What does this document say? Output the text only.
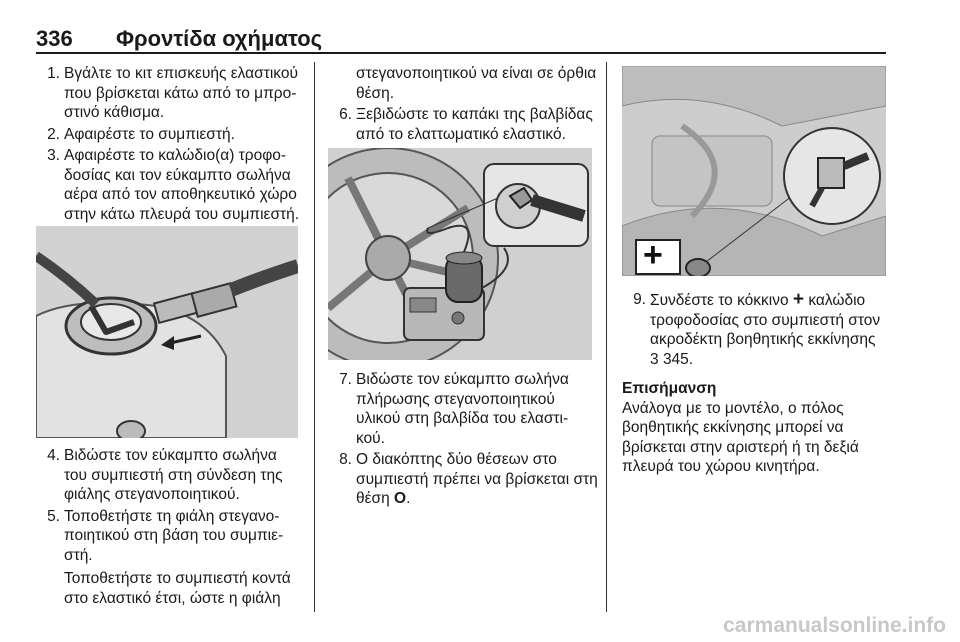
336 Φροντίδα οχήματος
1. Βγάλτε το κιτ επισκευής ελαστικού που βρίσκεται κάτω από το μπρο- στινό κάθισμα.
2. Αφαιρέστε το συμπιεστή.
3. Αφαιρέστε το καλώδιο(α) τροφο- δοσίας και τον εύκαμπτο σωλήνα αέρα από τον αποθηκευτικό χώρο στην κάτω πλευρά του συμπιεστή.
4. Βιδώστε τον εύκαμπτο σωλήνα του συμπιεστή στη σύνδεση της φιάλης στεγανοποιητικού.
5. Τοποθετήστε τη φιάλη στεγανο- ποιητικού στη βάση του συμπιε- στή.

Τοποθετήστε το συμπιεστή κοντά στο ελαστικό έτσι, ώστε η φιάλη

στεγανοποιητικού να είναι σε όρθια θέση.

6. Ξεβιδώστε το καπάκι της βαλβίδας από το ελαττωματικό ελαστικό.
7. Βιδώστε τον εύκαμπτο σωλήνα πλήρωσης στεγανοποιητικού υλικού στη βαλβίδα του ελαστι- κού.
8. Ο διακόπτης δύο θέσεων στο συμπιεστή πρέπει να βρίσκεται στη θέση O.
+
9. Συνδέστε το κόκκινο + καλώδιο τροφοδοσίας στο συμπιεστή στον ακροδέκτη βοηθητικής εκκίνησης
3 345.
Επισήμανση
Ανάλογα με το μοντέλο, ο πόλος βοηθητικής εκκίνησης μπορεί να βρίσκεται στην αριστερή ή τη δεξιά πλευρά του χώρου κινητήρα.
carmanualsonline.info
